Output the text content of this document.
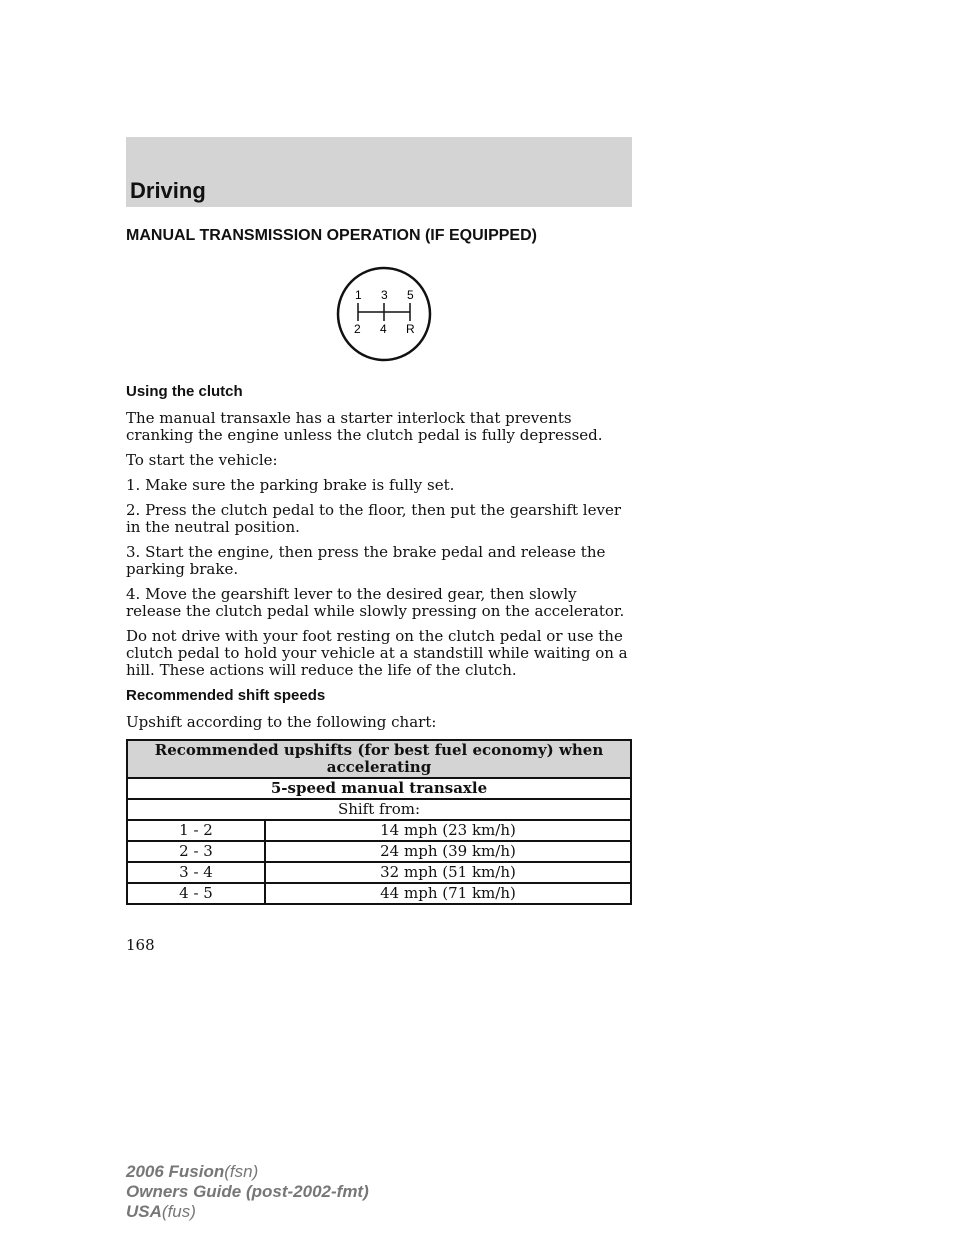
Driving
MANUAL TRANSMISSION OPERATION (IF EQUIPPED)
1 3 5
2 4 R
Using the clutch

The manual transaxle has a starter interlock that prevents cranking the engine unless the clutch pedal is fully depressed.

To start the vehicle:

1. Make sure the parking brake is fully set.

2. Press the clutch pedal to the floor, then put the gearshift lever in the neutral position.

3. Start the engine, then press the brake pedal and release the parking brake.

4. Move the gearshift lever to the desired gear, then slowly release the clutch pedal while slowly pressing on the accelerator.

Do not drive with your foot resting on the clutch pedal or use the clutch pedal to hold your vehicle at a standstill while waiting on a hill. These actions will reduce the life of the clutch.

Recommended shift speeds

Upshift according to the following chart:

Recommended upshifts (for best fuel economy) when accelerating	
5-speed manual transaxle	
Shift from:	
1 - 2	14 mph (23 km/h)
2 - 3	24 mph (39 km/h)
3 - 4	32 mph (51 km/h)
4 - 5	44 mph (71 km/h)
168
2006 Fusion(fsn)
Owners Guide (post-2002-fmt)
USA(fus)
